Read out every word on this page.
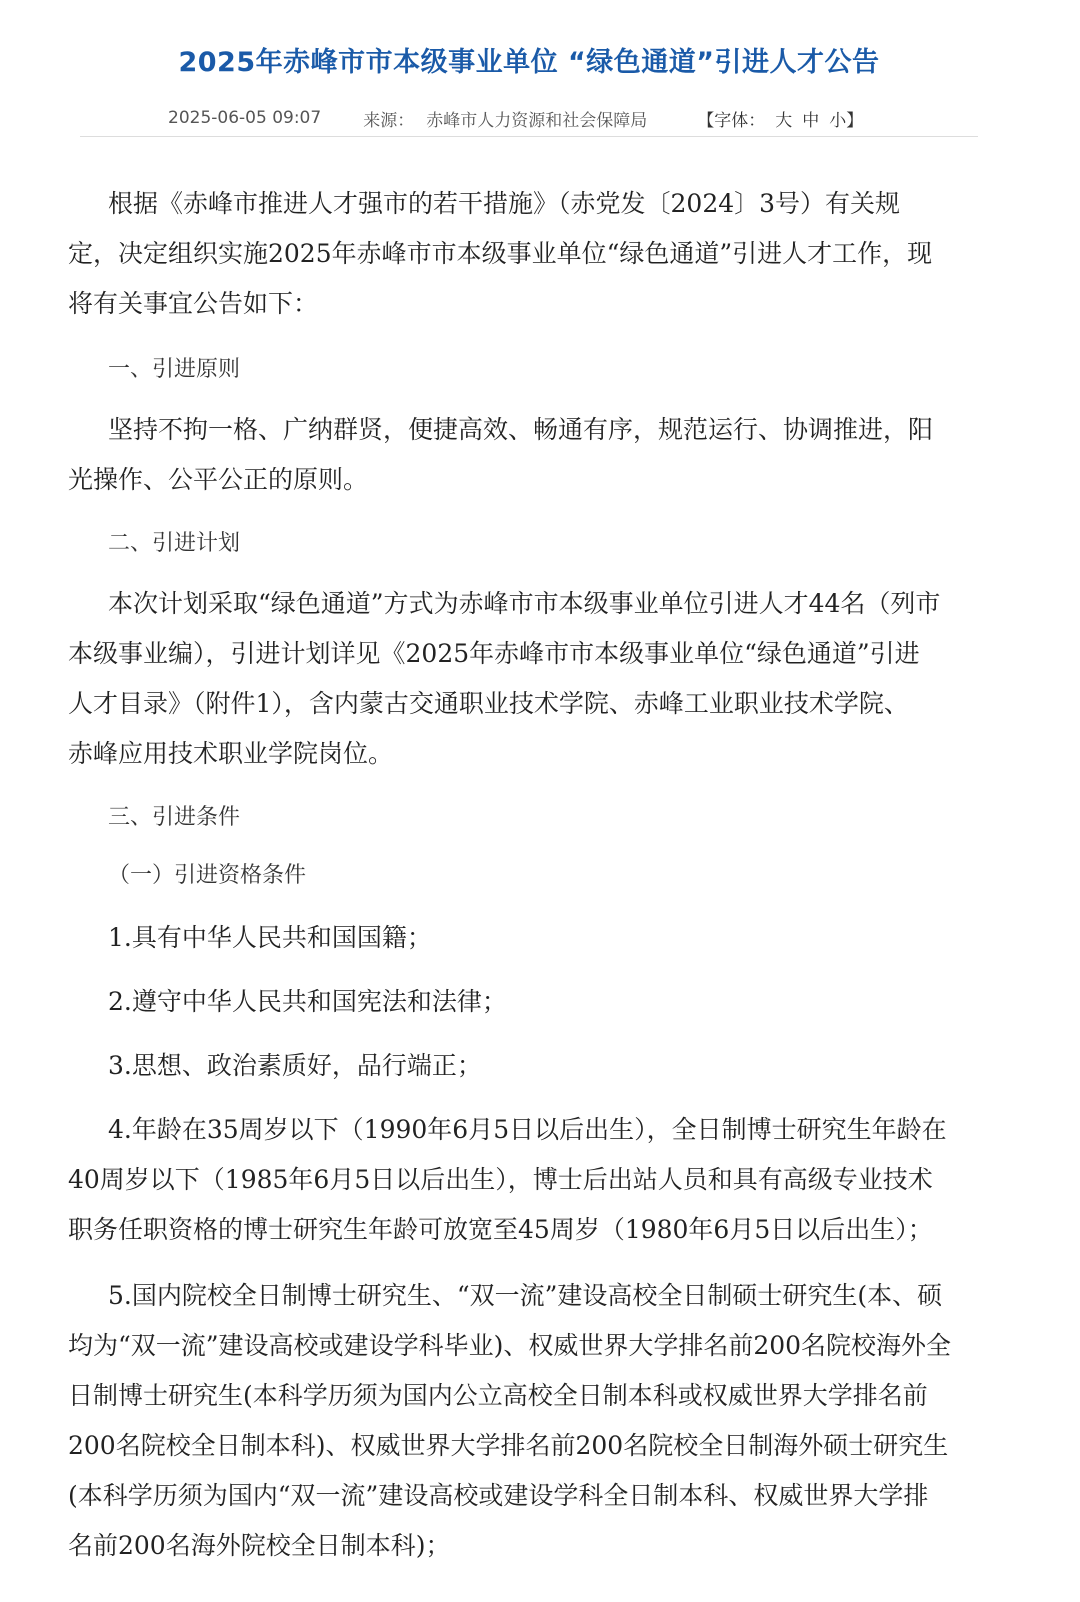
2025年赤峰市市本级事业单位 “绿色通道”引进人才公告
2025-06-05 09:07 来源： 赤峰市人力资源和社会保障局	【字体： 大 中 小】
根据《赤峰市推进人才强市的若干措施》（赤党发〔2024〕3号）有关规
定，决定组织实施2025年赤峰市市本级事业单位“绿色通道”引进人才工作，现
将有关事宜公告如下：
一、引进原则
坚持不拘一格、广纳群贤，便捷高效、畅通有序，规范运行、协调推进，阳
光操作、公平公正的原则。
二、引进计划
本次计划采取“绿色通道”方式为赤峰市市本级事业单位引进人才44名（列市
本级事业编），引进计划详见《2025年赤峰市市本级事业单位“绿色通道”引进
人才目录》（附件1），含内蒙古交通职业技术学院、赤峰工业职业技术学院、
赤峰应用技术职业学院岗位。
三、引进条件
（一）引进资格条件
1.具有中华人民共和国国籍；
2.遵守中华人民共和国宪法和法律；
3.思想、政治素质好，品行端正；
4.年龄在35周岁以下（1990年6月5日以后出生），全日制博士研究生年龄在
40周岁以下（1985年6月5日以后出生），博士后出站人员和具有高级专业技术
职务任职资格的博士研究生年龄可放宽至45周岁（1980年6月5日以后出生）；
5.国内院校全日制博士研究生、“双一流”建设高校全日制硕士研究生(本、硕
均为“双一流”建设高校或建设学科毕业)、权威世界大学排名前200名院校海外全
日制博士研究生(本科学历须为国内公立高校全日制本科或权威世界大学排名前
200名院校全日制本科)、权威世界大学排名前200名院校全日制海外硕士研究生
(本科学历须为国内“双一流”建设高校或建设学科全日制本科、权威世界大学排
名前200名海外院校全日制本科)；
